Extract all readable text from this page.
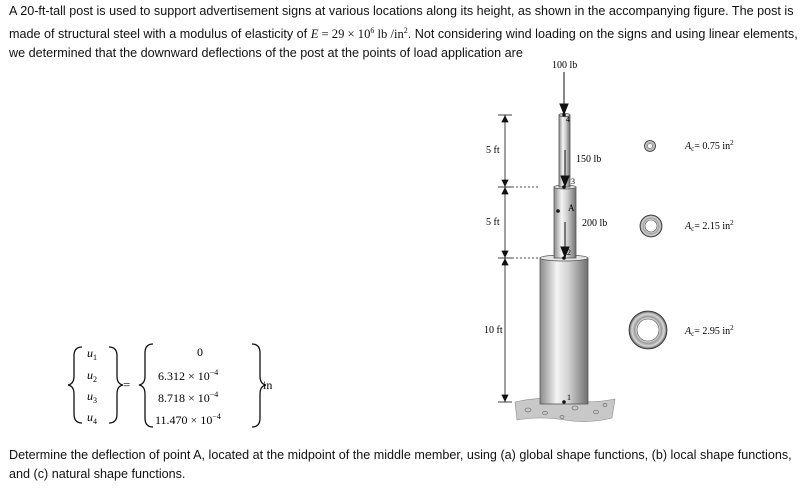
A 20-ft-tall post is used to support advertisement signs at various locations along its height, as shown in the accompanying figure. The post is made of structural steel with a modulus of elasticity of $E = 29 \times 10^6$ lb $/in^2$. Not considering wind loading on the signs and using linear elements, we determined that the downward deflections of the post at the points of load application are

100 lb
150 lb
200 lb
5 ft
5 ft
10 ft
4
3
2
1
A
$A_c= 0.75$ $in^2$
$A_c= 2.15$ $in^2$
$A_c= 2.95$ $in^2$
$u_1$
$u_2$
$u_3$
$u_4$
=
0
$6.312 \times 10^{-4}$
$8.718 \times 10^{-4}$
$11.470 \times 10^{-4}$
in

Determine the deflection of point A, located at the midpoint of the middle member, using (a) global shape functions, (b) local shape functions, and (c) natural shape functions.
